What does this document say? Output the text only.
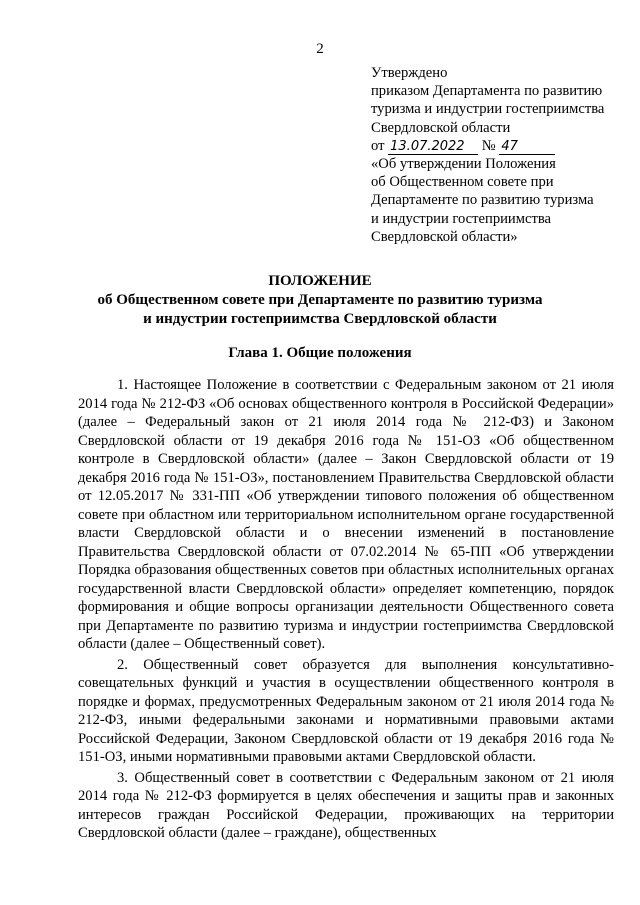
2
Утверждено
приказом Департамента по развитию
туризма и индустрии гостеприимства
Свердловской области
от 13.07.2022 № 47
«Об утверждении Положения
об Общественном совете при
Департаменте по развитию туризма
и индустрии гостеприимства
Свердловской области»
ПОЛОЖЕНИЕ
об Общественном совете при Департаменте по развитию туризма
и индустрии гостеприимства Свердловской области
Глава 1. Общие положения

1. Настоящее Положение в соответствии с Федеральным законом от 21 июля 2014 года № 212-ФЗ «Об основах общественного контроля в Российской Федерации» (далее – Федеральный закон от 21 июля 2014 года № 212-ФЗ) и Законом Свердловской области от 19 декабря 2016 года № 151-ОЗ «Об общественном контроле в Свердловской области» (далее – Закон Свердловской области от 19 декабря 2016 года № 151-ОЗ», постановлением Правительства Свердловской области от 12.05.2017 № 331-ПП «Об утверждении типового положения об общественном совете при областном или территориальном исполнительном органе государственной власти Свердловской области и о внесении изменений в постановление Правительства Свердловской области от 07.02.2014 № 65-ПП «Об утверждении Порядка образования общественных советов при областных исполнительных органах государственной власти Свердловской области» определяет компетенцию, порядок формирования и общие вопросы организации деятельности Общественного совета при Департаменте по развитию туризма и индустрии гостеприимства Свердловской области (далее – Общественный совет).

2. Общественный совет образуется для выполнения консультативно-совещательных функций и участия в осуществлении общественного контроля в порядке и формах, предусмотренных Федеральным законом от 21 июля 2014 года № 212-ФЗ, иными федеральными законами и нормативными правовыми актами Российской Федерации, Законом Свердловской области от 19 декабря 2016 года № 151-ОЗ, иными нормативными правовыми актами Свердловской области.

3. Общественный совет в соответствии с Федеральным законом от 21 июля 2014 года № 212-ФЗ формируется в целях обеспечения и защиты прав и законных интересов граждан Российской Федерации, проживающих на территории Свердловской области (далее – граждане), общественных
